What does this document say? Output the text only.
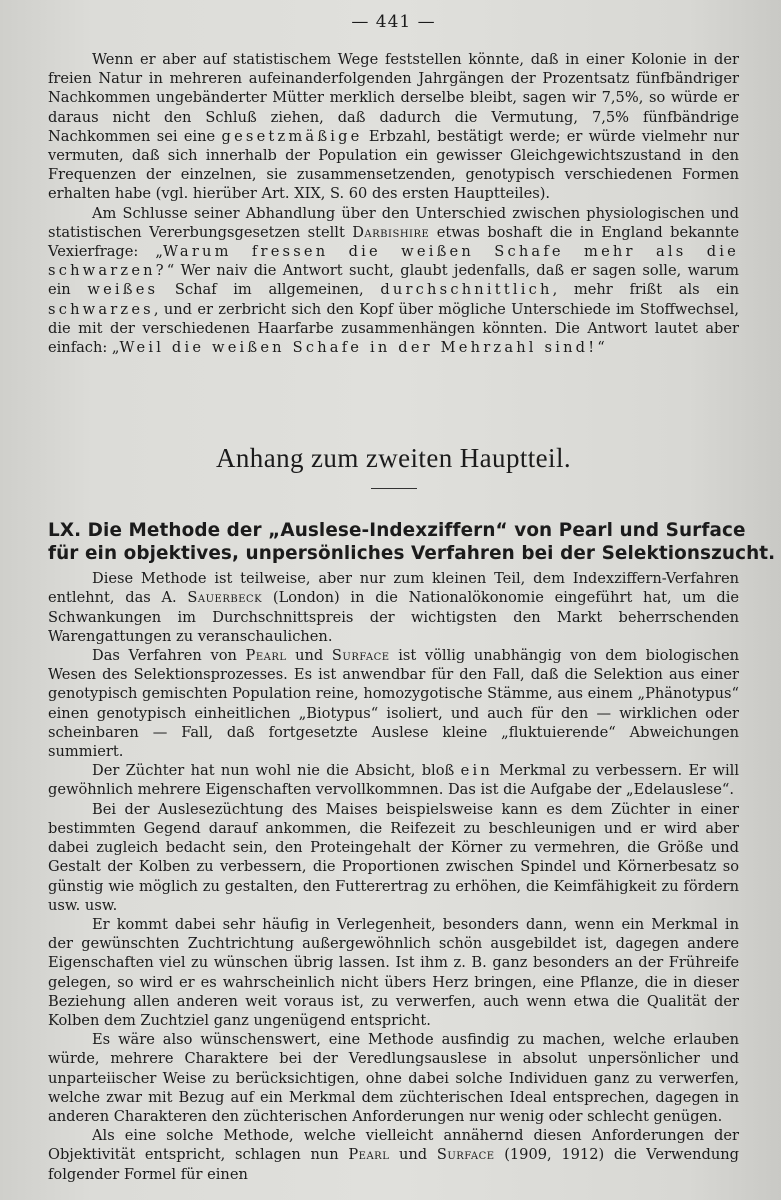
— 441 —

Wenn er aber auf statistischem Wege feststellen könnte, daß in einer Kolonie in der freien Natur in mehreren aufeinanderfolgenden Jahrgängen der Prozentsatz fünfbändriger Nachkommen ungebänderter Mütter merklich derselbe bleibt, sagen wir 7,5%, so würde er daraus nicht den Schluß ziehen, daß dadurch die Vermutung, 7,5% fünfbändrige Nachkommen sei eine gesetzmäßige Erbzahl, bestätigt werde; er würde vielmehr nur vermuten, daß sich innerhalb der Population ein gewisser Gleichgewichtszustand in den Frequenzen der einzelnen, sie zusammensetzenden, genotypisch verschiedenen Formen erhalten habe (vgl. hierüber Art. XIX, S. 60 des ersten Hauptteiles).

Am Schlusse seiner Abhandlung über den Unterschied zwischen physiologischen und statistischen Vererbungsgesetzen stellt Darbishire etwas boshaft die in England bekannte Vexierfrage: „Warum fressen die weißen Schafe mehr als die schwarzen?“ Wer naiv die Antwort sucht, glaubt jedenfalls, daß er sagen solle, warum ein weißes Schaf im allgemeinen, durchschnittlich, mehr frißt als ein schwarzes, und er zerbricht sich den Kopf über mögliche Unterschiede im Stoffwechsel, die mit der verschiedenen Haarfarbe zusammenhängen könnten. Die Antwort lautet aber einfach: „Weil die weißen Schafe in der Mehrzahl sind!“

Anhang zum zweiten Hauptteil.
LX. Die Methode der „Auslese-Indexziffern“ von Pearl und Surface
für ein objektives, unpersönliches Verfahren bei der Selektionszucht.

Diese Methode ist teilweise, aber nur zum kleinen Teil, dem Indexziffern-Verfahren entlehnt, das A. Sauerbeck (London) in die Nationalökonomie eingeführt hat, um die Schwankungen im Durchschnittspreis der wichtigsten den Markt beherrschenden Warengattungen zu veranschaulichen.

Das Verfahren von Pearl und Surface ist völlig unabhängig von dem biologischen Wesen des Selektionsprozesses. Es ist anwendbar für den Fall, daß die Selektion aus einer genotypisch gemischten Population reine, homozygotische Stämme, aus einem „Phänotypus“ einen genotypisch einheitlichen „Biotypus“ isoliert, und auch für den — wirklichen oder scheinbaren — Fall, daß fortgesetzte Auslese kleine „fluktuierende“ Abweichungen summiert.

Der Züchter hat nun wohl nie die Absicht, bloß ein Merkmal zu verbessern. Er will gewöhnlich mehrere Eigenschaften vervollkommnen. Das ist die Aufgabe der „Edelauslese“.

Bei der Auslesezüchtung des Maises beispielsweise kann es dem Züchter in einer bestimmten Gegend darauf ankommen, die Reifezeit zu beschleunigen und er wird aber dabei zugleich bedacht sein, den Proteingehalt der Körner zu vermehren, die Größe und Gestalt der Kolben zu verbessern, die Proportionen zwischen Spindel und Körnerbesatz so günstig wie möglich zu gestalten, den Futterertrag zu erhöhen, die Keimfähigkeit zu fördern usw. usw.

Er kommt dabei sehr häufig in Verlegenheit, besonders dann, wenn ein Merkmal in der gewünschten Zuchtrichtung außergewöhnlich schön ausgebildet ist, dagegen andere Eigenschaften viel zu wünschen übrig lassen. Ist ihm z. B. ganz besonders an der Frühreife gelegen, so wird er es wahrscheinlich nicht übers Herz bringen, eine Pflanze, die in dieser Beziehung allen anderen weit voraus ist, zu verwerfen, auch wenn etwa die Qualität der Kolben dem Zuchtziel ganz ungenügend entspricht.

Es wäre also wünschenswert, eine Methode ausfindig zu machen, welche erlauben würde, mehrere Charaktere bei der Veredlungsauslese in absolut unpersönlicher und unparteiischer Weise zu berücksichtigen, ohne dabei solche Individuen ganz zu verwerfen, welche zwar mit Bezug auf ein Merkmal dem züchterischen Ideal entsprechen, dagegen in anderen Charakteren den züchterischen Anforderungen nur wenig oder schlecht genügen.

Als eine solche Methode, welche vielleicht annähernd diesen Anforderungen der Objektivität entspricht, schlagen nun Pearl und Surface (1909, 1912) die Verwendung folgender Formel für einen
